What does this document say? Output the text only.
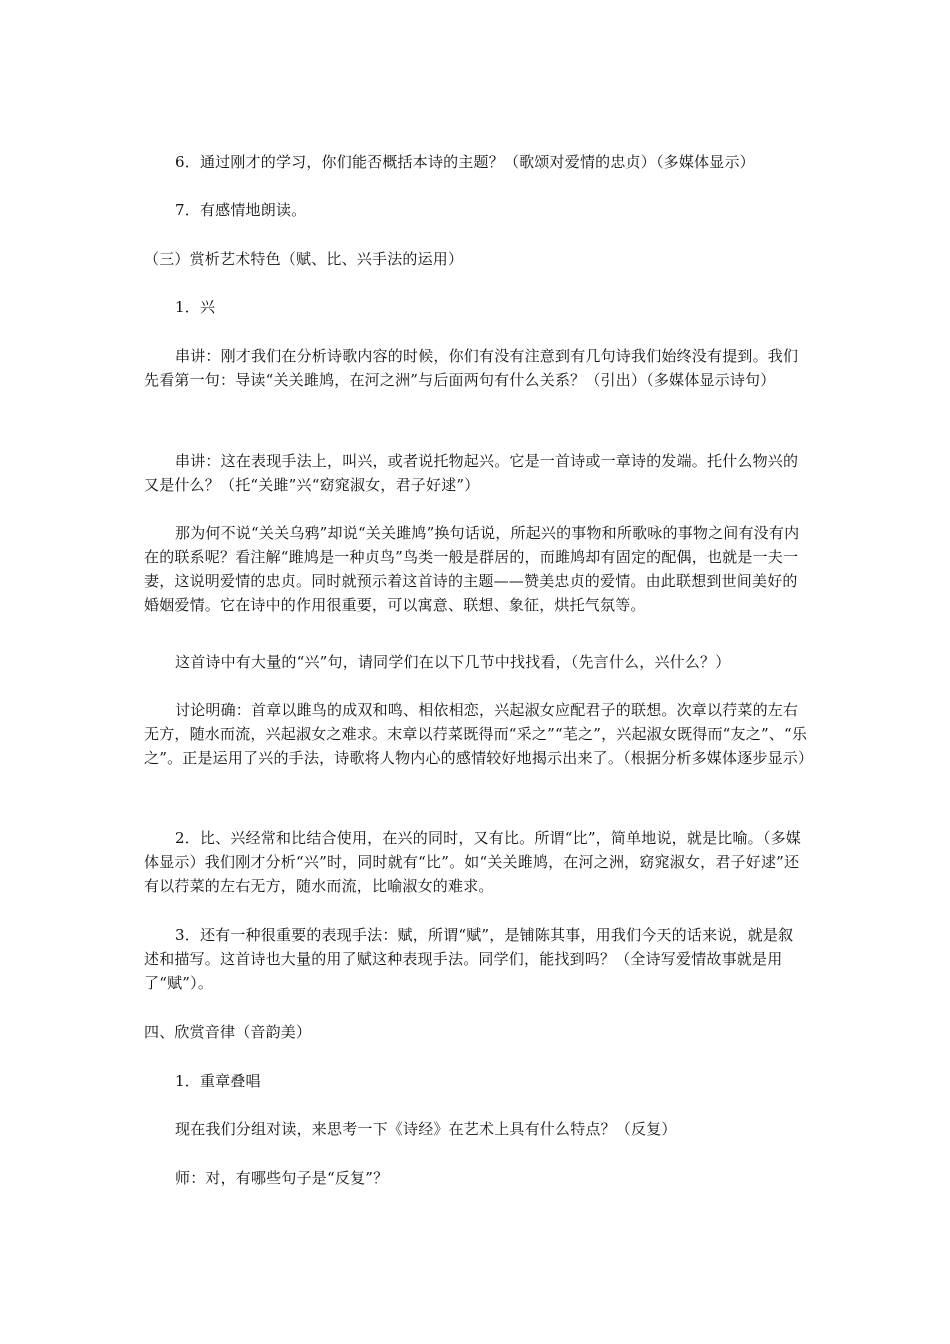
6．通过刚才的学习，你们能否概括本诗的主题？（歌颂对爱情的忠贞）（多媒体显示）

7．有感情地朗读。

（三）赏析艺术特色（赋、比、兴手法的运用）

1．兴

串讲：刚才我们在分析诗歌内容的时候，你们有没有注意到有几句诗我们始终没有提到。我们先看第一句：导读“关关雎鸠，在河之洲”与后面两句有什么关系？（引出）（多媒体显示诗句）

串讲：这在表现手法上，叫兴，或者说托物起兴。它是一首诗或一章诗的发端。托什么物兴的又是什么？（托“关雎”兴“窈窕淑女，君子好逑”）

那为何不说“关关乌鸦”却说“关关雎鸠”换句话说，所起兴的事物和所歌咏的事物之间有没有内在的联系呢？看注解“雎鸠是一种贞鸟”鸟类一般是群居的，而雎鸠却有固定的配偶，也就是一夫一妻，这说明爱情的忠贞。同时就预示着这首诗的主题——赞美忠贞的爱情。由此联想到世间美好的婚姻爱情。它在诗中的作用很重要，可以寓意、联想、象征，烘托气氛等。

这首诗中有大量的“兴”句，请同学们在以下几节中找找看，（先言什么，兴什么？）

讨论明确：首章以雎鸟的成双和鸣、相依相恋，兴起淑女应配君子的联想。次章以荇菜的左右无方，随水而流，兴起淑女之难求。末章以荇菜既得而“采之”“芼之”，兴起淑女既得而“友之”、“乐之”。正是运用了兴的手法，诗歌将人物内心的感情较好地揭示出来了。（根据分析多媒体逐步显示）

2．比、兴经常和比结合使用，在兴的同时，又有比。所谓“比”，简单地说，就是比喻。（多媒体显示）我们刚才分析“兴”时，同时就有“比”。如“关关雎鸠，在河之洲，窈窕淑女，君子好逑”还有以荇菜的左右无方，随水而流，比喻淑女的难求。

3．还有一种很重要的表现手法：赋，所谓“赋”，是铺陈其事，用我们今天的话来说，就是叙述和描写。这首诗也大量的用了赋这种表现手法。同学们，能找到吗？（全诗写爱情故事就是用了“赋”）。

四、欣赏音律（音韵美）

1．重章叠唱

现在我们分组对读，来思考一下《诗经》在艺术上具有什么特点？（反复）

师：对，有哪些句子是“反复”？
